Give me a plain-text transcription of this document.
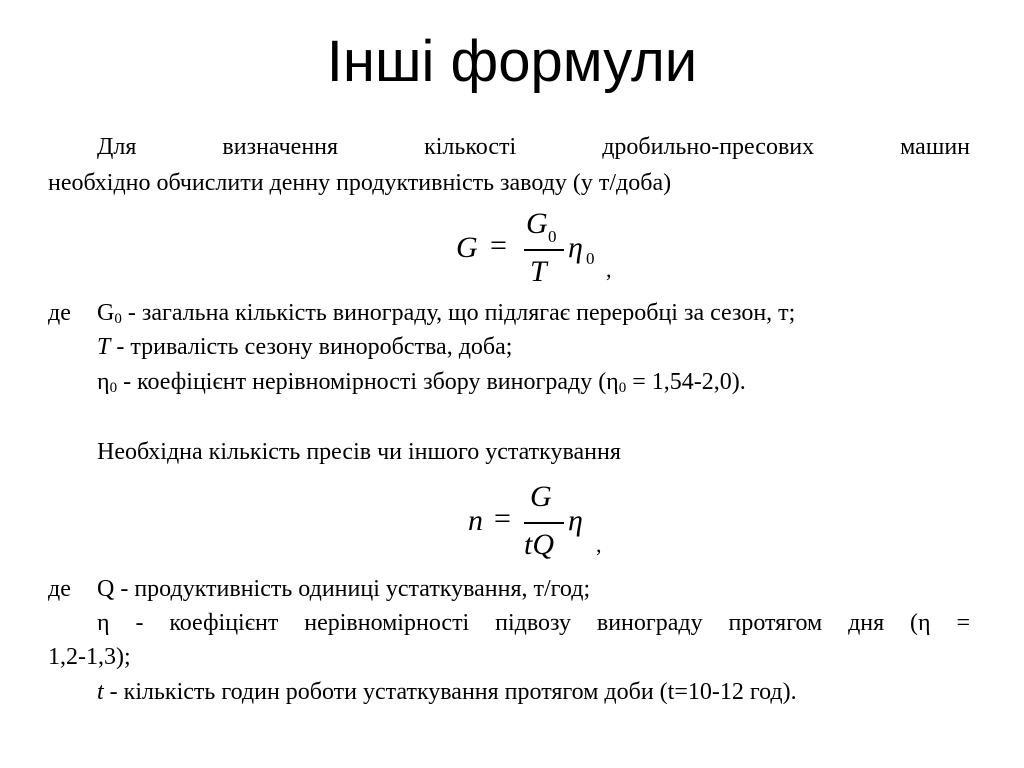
Інші формули
Для	визначення	кількості	дробильно-пресових	машин
необхідно обчислити денну продуктивність заводу (у т/доба)
G =
G 0
T
η 0 ,
де $G_0$ - загальна кількість винограду, що підлягає переробці за сезон, т;
T - тривалість сезону виноробства, доба;
$\eta_0$ - коефіцієнт нерівномірності збору винограду $(\eta_0 = 1,54-2,0)$.
Необхідна кількість пресів чи іншого устаткування
n =
G
tQ
η
,
де Q - продуктивність одиниці устаткування, т/год;
η - коефіцієнт нерівномірності підвозу винограду протягом дня (η =
1,2-1,3);
t - кількість годин роботи устаткування протягом доби (t=10-12 год).
